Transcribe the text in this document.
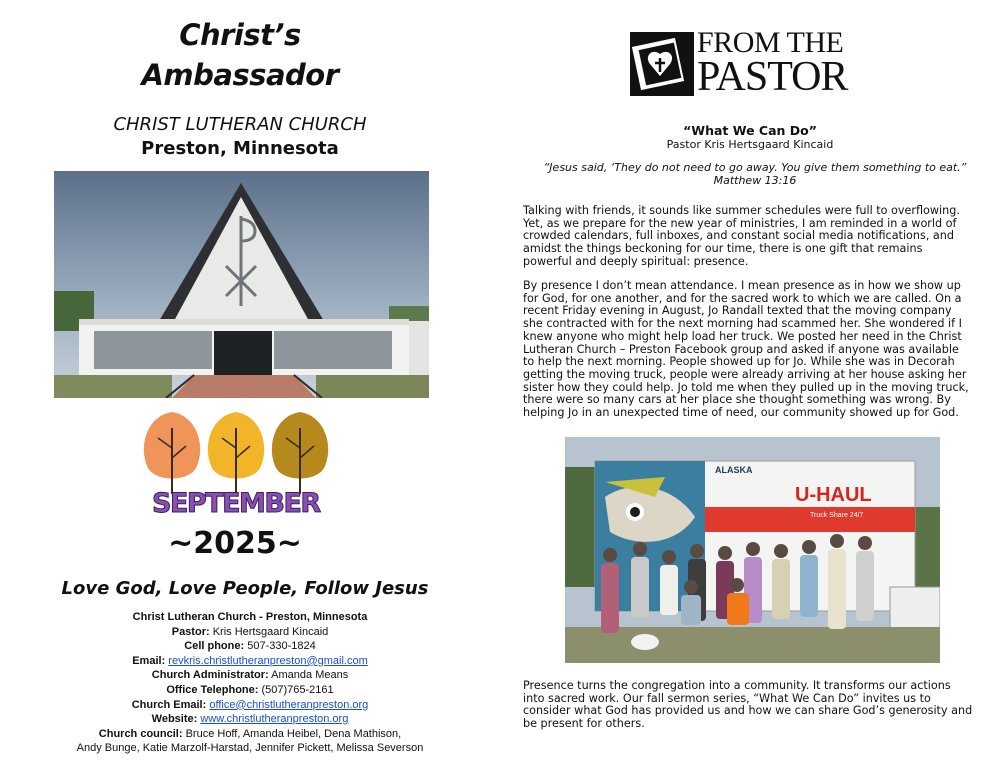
Christ’s
Ambassador
CHRIST LUTHERAN CHURCH
Preston, Minnesota
SEPTEMBER
~2025~
Love God, Love People, Follow Jesus
Christ Lutheran Church - Preston, Minnesota
Pastor: Kris Hertsgaard Kincaid
Cell phone: 507-330-1824
Email: revkris.christlutheranpreston@gmail.com
Church Administrator: Amanda Means
Office Telephone: (507)765-2161
Church Email: office@christlutheranpreston.org
Website: www.christlutheranpreston.org
Church council: Bruce Hoff, Amanda Heibel, Dena Mathison,
Andy Bunge, Katie Marzolf-Harstad, Jennifer Pickett, Melissa Severson
FROM THE
PASTOR
“What We Can Do”
Pastor Kris Hertsgaard Kincaid
“Jesus said, ‘They do not need to go away. You give them something to eat.”
Matthew 13:16
Talking with friends, it sounds like summer schedules were full to overflowing. Yet, as we prepare for the new year of ministries, I am reminded in a world of crowded calendars, full inboxes, and constant social media notifications, and amidst the things beckoning for our time, there is one gift that remains powerful and deeply spiritual: presence.
By presence I don’t mean attendance. I mean presence as in how we show up for God, for one another, and for the sacred work to which we are called. On a recent Friday evening in August, Jo Randall texted that the moving company she contracted with for the next morning had scammed her. She wondered if I knew anyone who might help load her truck. We posted her need in the Christ Lutheran Church – Preston Facebook group and asked if anyone was available to help the next morning. People showed up for Jo. While she was in Decorah getting the moving truck, people were already arriving at her house asking her sister how they could help. Jo told me when they pulled up in the moving truck, there were so many cars at her place she thought something was wrong. By helping Jo in an unexpected time of need, our community showed up for God.
ALASKA
U-HAUL
Truck Share 24/7
Presence turns the congregation into a community. It transforms our actions into sacred work. Our fall sermon series, “What We Can Do” invites us to consider what God has provided us and how we can share God’s generosity and be present for others.
